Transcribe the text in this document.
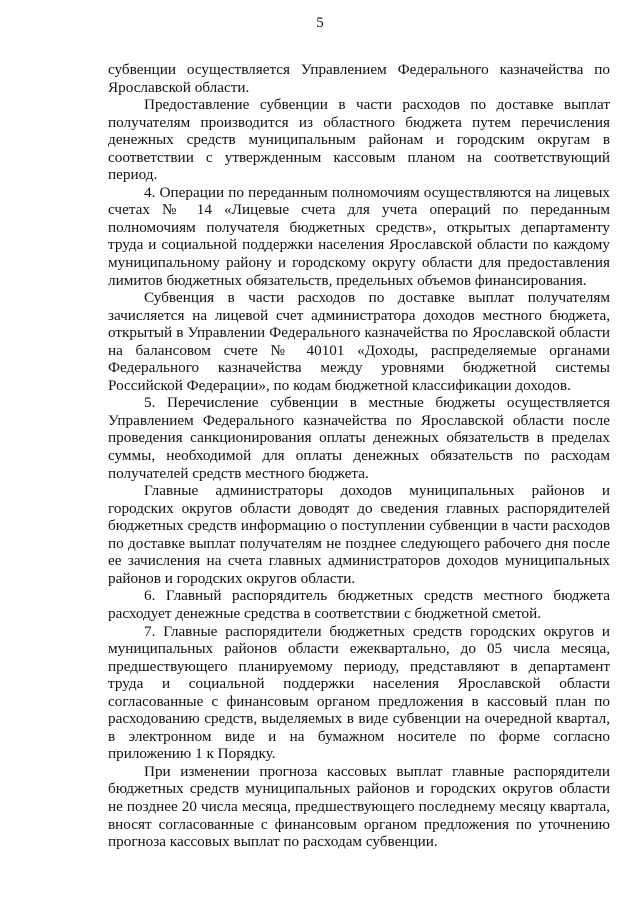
5

субвенции осуществляется Управлением Федерального казначейства по Ярославской области.

Предоставление субвенции в части расходов по доставке выплат получателям производится из областного бюджета путем перечисления денежных средств муниципальным районам и городским округам в соответствии с утвержденным кассовым планом на соответствующий период.

4. Операции по переданным полномочиям осуществляются на лицевых счетах № 14 «Лицевые счета для учета операций по переданным полномочиям получателя бюджетных средств», открытых департаменту труда и социальной поддержки населения Ярославской области по каждому муниципальному району и городскому округу области для предоставления лимитов бюджетных обязательств, предельных объемов финансирования.

Субвенция в части расходов по доставке выплат получателям зачисляется на лицевой счет администратора доходов местного бюджета, открытый в Управлении Федерального казначейства по Ярославской области на балансовом счете № 40101 «Доходы, распределяемые органами Федерального казначейства между уровнями бюджетной системы Российской Федерации», по кодам бюджетной классификации доходов.

5. Перечисление субвенции в местные бюджеты осуществляется Управлением Федерального казначейства по Ярославской области после проведения санкционирования оплаты денежных обязательств в пределах суммы, необходимой для оплаты денежных обязательств по расходам получателей средств местного бюджета.

Главные администраторы доходов муниципальных районов и городских округов области доводят до сведения главных распорядителей бюджетных средств информацию о поступлении субвенции в части расходов по доставке выплат получателям не позднее следующего рабочего дня после ее зачисления на счета главных администраторов доходов муниципальных районов и городских округов области.

6. Главный распорядитель бюджетных средств местного бюджета расходует денежные средства в соответствии с бюджетной сметой.

7. Главные распорядители бюджетных средств городских округов и муниципальных районов области ежеквартально, до 05 числа месяца, предшествующего планируемому периоду, представляют в департамент труда и социальной поддержки населения Ярославской области согласованные с финансовым органом предложения в кассовый план по расходованию средств, выделяемых в виде субвенции на очередной квартал, в электронном виде и на бумажном носителе по форме согласно приложению 1 к Порядку.

При изменении прогноза кассовых выплат главные распорядители бюджетных средств муниципальных районов и городских округов области не позднее 20 числа месяца, предшествующего последнему месяцу квартала, вносят согласованные с финансовым органом предложения по уточнению прогноза кассовых выплат по расходам субвенции.
